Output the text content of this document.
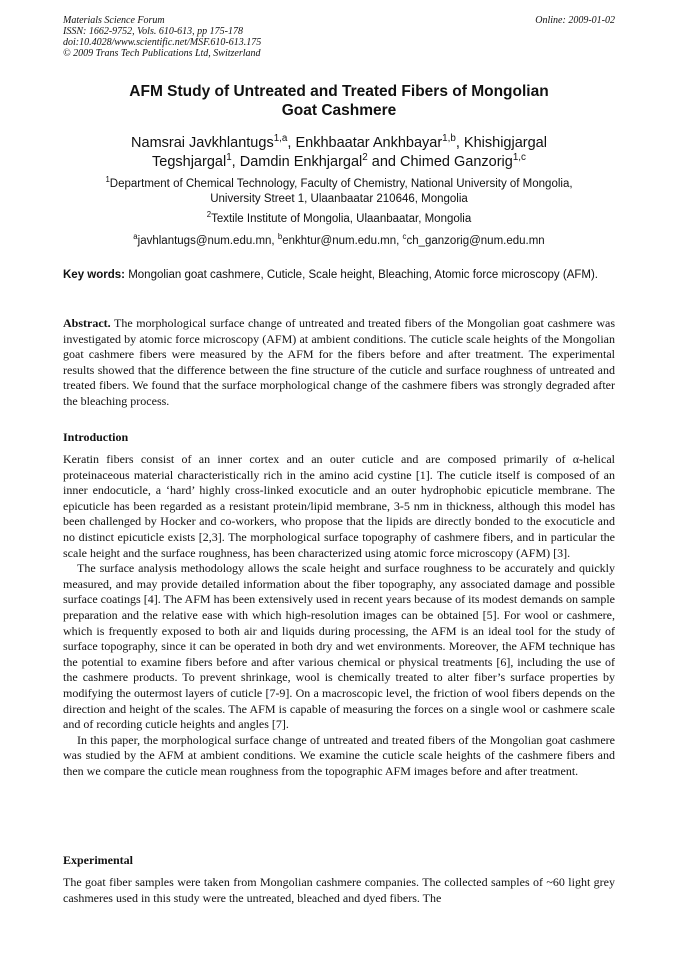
Materials Science Forum
ISSN: 1662-9752, Vols. 610-613, pp 175-178
doi:10.4028/www.scientific.net/MSF.610-613.175
© 2009 Trans Tech Publications Ltd, Switzerland
Online: 2009-01-02
AFM Study of Untreated and Treated Fibers of Mongolian
Goat Cashmere
Namsrai Javkhlantugs$^{1,a}$, Enkhbaatar Ankhbayar$^{1,b}$, Khishigjargal
Tegshjargal$^1$, Damdin Enkhjargal$^2$ and Chimed Ganzorig$^{1,c}$
$^1$Department of Chemical Technology, Faculty of Chemistry, National University of Mongolia,
University Street 1, Ulaanbaatar 210646, Mongolia
$^2$Textile Institute of Mongolia, Ulaanbaatar, Mongolia
$^a$javhlantugs@num.edu.mn, $^b$enkhtur@num.edu.mn, $^c$ch_ganzorig@num.edu.mn
Key words: Mongolian goat cashmere, Cuticle, Scale height, Bleaching, Atomic force microscopy (AFM).
Abstract. The morphological surface change of untreated and treated fibers of the Mongolian goat cashmere was investigated by atomic force microscopy (AFM) at ambient conditions. The cuticle scale heights of the Mongolian goat cashmere fibers were measured by the AFM for the fibers before and after treatment. The experimental results showed that the difference between the fine structure of the cuticle and surface roughness of untreated and treated fibers. We found that the surface morphological change of the cashmere fibers was strongly degraded after the bleaching process.
Introduction

Keratin fibers consist of an inner cortex and an outer cuticle and are composed primarily of α-helical proteinaceous material characteristically rich in the amino acid cystine [1]. The cuticle itself is composed of an inner endocuticle, a ‘hard’ highly cross-linked exocuticle and an outer hydrophobic epicuticle membrane. The epicuticle has been regarded as a resistant protein/lipid membrane, 3-5 nm in thickness, although this model has been challenged by Hocker and co-workers, who propose that the lipids are directly bonded to the exocuticle and no distinct epicuticle exists [2,3]. The morphological surface topography of cashmere fibers, and in particular the scale height and the surface roughness, has been characterized using atomic force microscopy (AFM) [3].

The surface analysis methodology allows the scale height and surface roughness to be accurately and quickly measured, and may provide detailed information about the fiber topography, any associated damage and possible surface coatings [4]. The AFM has been extensively used in recent years because of its modest demands on sample preparation and the relative ease with which high-resolution images can be obtained [5]. For wool or cashmere, which is frequently exposed to both air and liquids during processing, the AFM is an ideal tool for the study of surface topography, since it can be operated in both dry and wet environments. Moreover, the AFM technique has the potential to examine fibers before and after various chemical or physical treatments [6], including the use of the cashmere products. To prevent shrinkage, wool is chemically treated to alter fiber’s surface properties by modifying the outermost layers of cuticle [7-9]. On a macroscopic level, the friction of wool fibers depends on the direction and height of the scales. The AFM is capable of measuring the forces on a single wool or cashmere scale and of recording cuticle heights and angles [7].

In this paper, the morphological surface change of untreated and treated fibers of the Mongolian goat cashmere was studied by the AFM at ambient conditions. We examine the cuticle scale heights of the cashmere fibers and then we compare the cuticle mean roughness from the topographic AFM images before and after treatment.

Experimental
The goat fiber samples were taken from Mongolian cashmere companies. The collected samples of ~60 light grey cashmeres used in this study were the untreated, bleached and dyed fibers. The
